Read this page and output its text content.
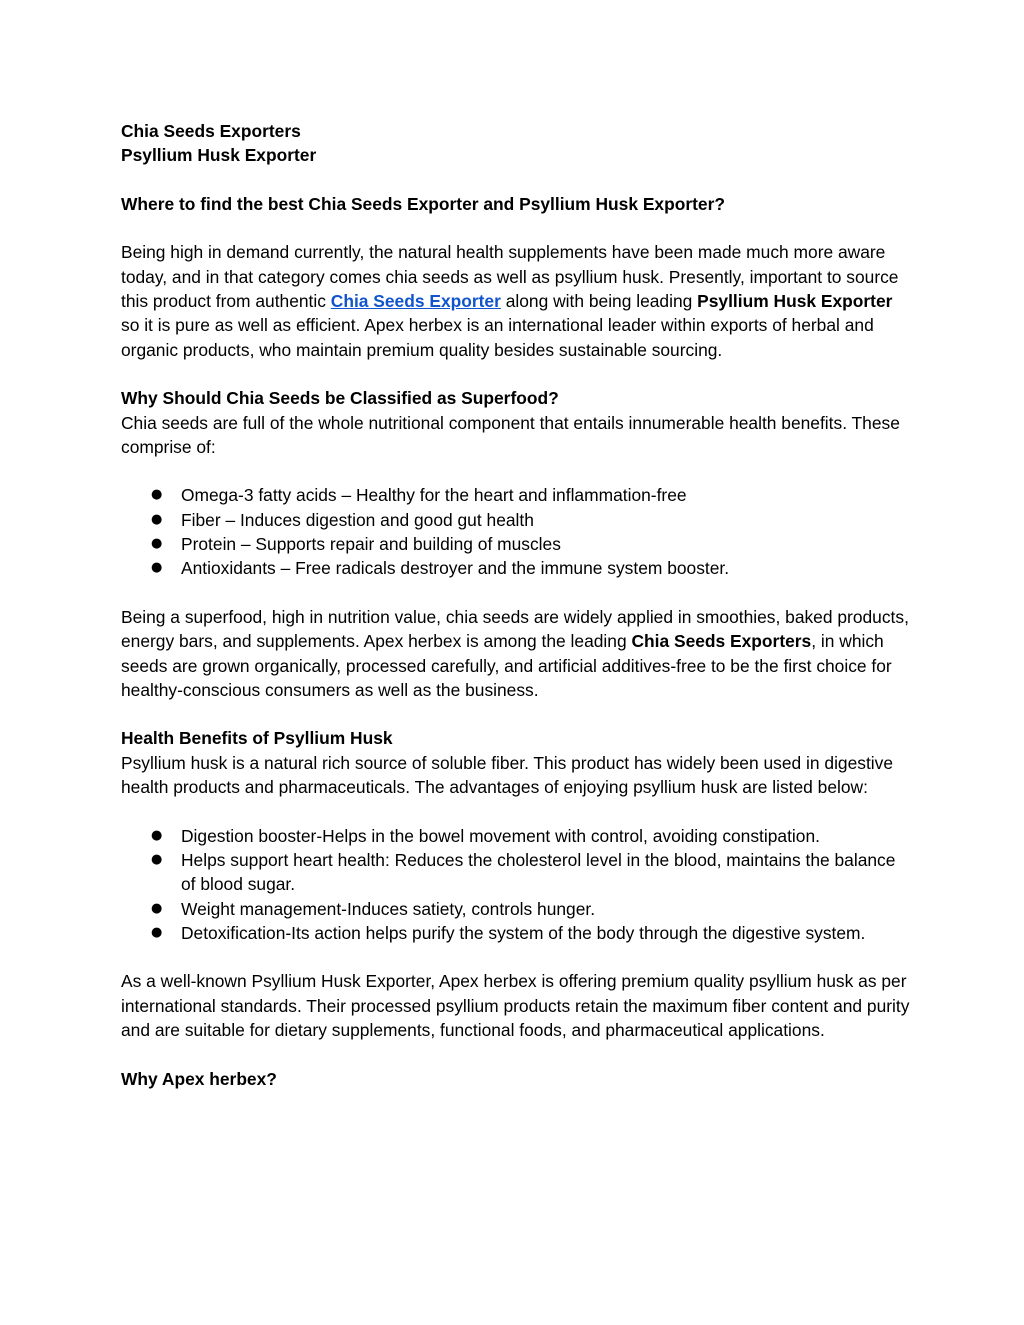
Chia Seeds Exporters

Psyllium Husk Exporter

Where to find the best Chia Seeds Exporter and Psyllium Husk Exporter?

Being high in demand currently, the natural health supplements have been made much more aware today, and in that category comes chia seeds as well as psyllium husk. Presently, important to source this product from authentic Chia Seeds Exporter along with being leading Psyllium Husk Exporter so it is pure as well as efficient. Apex herbex is an international leader within exports of herbal and organic products, who maintain premium quality besides sustainable sourcing.

Why Should Chia Seeds be Classified as Superfood?

Chia seeds are full of the whole nutritional component that entails innumerable health benefits. These comprise of:

● Omega-3 fatty acids – Healthy for the heart and inflammation-free
● Fiber – Induces digestion and good gut health
● Protein – Supports repair and building of muscles
● Antioxidants – Free radicals destroyer and the immune system booster.

Being a superfood, high in nutrition value, chia seeds are widely applied in smoothies, baked products, energy bars, and supplements. Apex herbex is among the leading Chia Seeds Exporters, in which seeds are grown organically, processed carefully, and artificial additives-free to be the first choice for healthy-conscious consumers as well as the business.

Health Benefits of Psyllium Husk

Psyllium husk is a natural rich source of soluble fiber. This product has widely been used in digestive health products and pharmaceuticals. The advantages of enjoying psyllium husk are listed below:

● Digestion booster-Helps in the bowel movement with control, avoiding constipation.
● Helps support heart health: Reduces the cholesterol level in the blood, maintains the balance of blood sugar.
● Weight management-Induces satiety, controls hunger.
● Detoxification-Its action helps purify the system of the body through the digestive system.

As a well-known Psyllium Husk Exporter, Apex herbex is offering premium quality psyllium husk as per international standards. Their processed psyllium products retain the maximum fiber content and purity and are suitable for dietary supplements, functional foods, and pharmaceutical applications.

Why Apex herbex?
